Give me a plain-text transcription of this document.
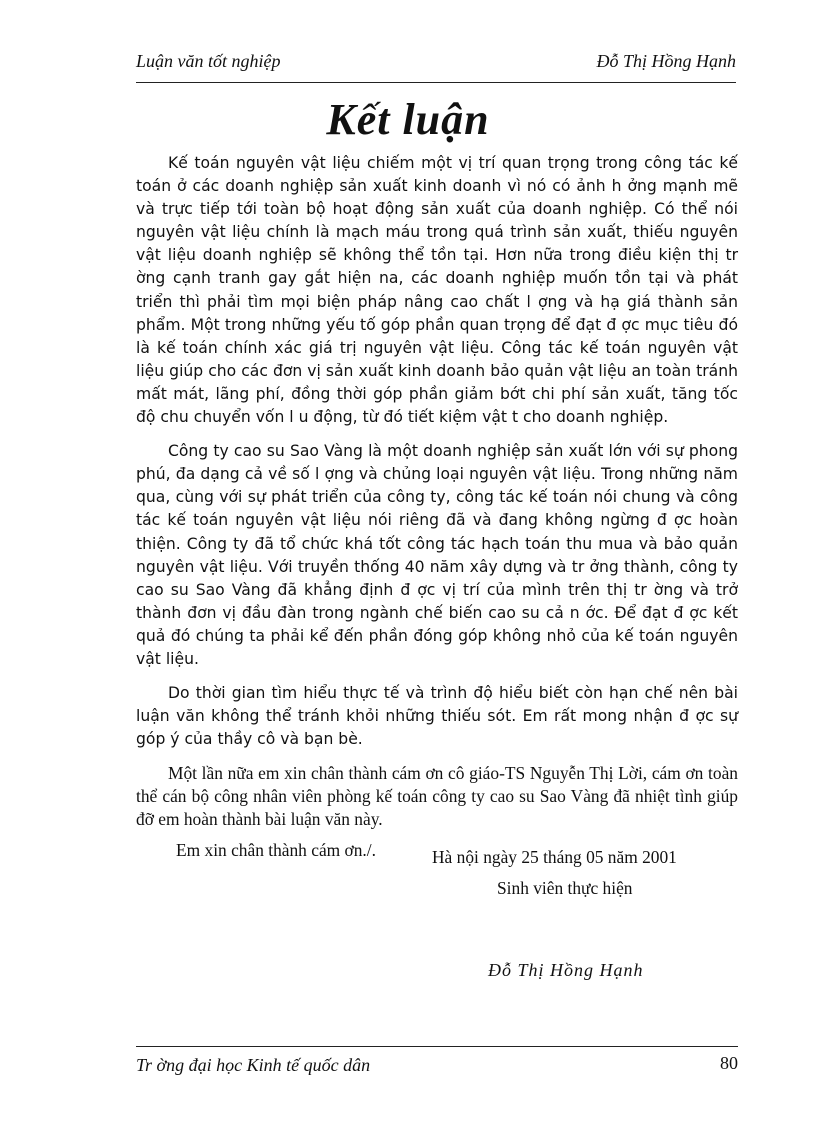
Luận văn tốt nghiệp	Đỗ Thị Hồng Hạnh
Kết luận

Kế toán nguyên vật liệu chiếm một vị trí quan trọng trong công tác kế toán ở các doanh nghiệp sản xuất kinh doanh vì nó có ảnh h ởng mạnh mẽ và trực tiếp tới toàn bộ hoạt động sản xuất của doanh nghiệp. Có thể nói nguyên vật liệu chính là mạch máu trong quá trình sản xuất, thiếu nguyên vật liệu doanh nghiệp sẽ không thể tồn tại. Hơn nữa trong điều kiện thị tr ờng cạnh tranh gay gắt hiện na, các doanh nghiệp muốn tồn tại và phát triển thì phải tìm mọi biện pháp nâng cao chất l ợng và hạ giá thành sản phẩm. Một trong những yếu tố góp phần quan trọng để đạt đ ợc mục tiêu đó là kế toán chính xác giá trị nguyên vật liệu. Công tác kế toán nguyên vật liệu giúp cho các đơn vị sản xuất kinh doanh bảo quản vật liệu an toàn tránh mất mát, lãng phí, đồng thời góp phần giảm bớt chi phí sản xuất, tăng tốc độ chu chuyển vốn l u động, từ đó tiết kiệm vật t cho doanh nghiệp.

Công ty cao su Sao Vàng là một doanh nghiệp sản xuất lớn với sự phong phú, đa dạng cả về số l ợng và chủng loại nguyên vật liệu. Trong những năm qua, cùng với sự phát triển của công ty, công tác kế toán nói chung và công tác kế toán nguyên vật liệu nói riêng đã và đang không ngừng đ ợc hoàn thiện. Công ty đã tổ chức khá tốt công tác hạch toán thu mua và bảo quản nguyên vật liệu. Với truyền thống 40 năm xây dựng và tr ởng thành, công ty cao su Sao Vàng đã khẳng định đ ợc vị trí của mình trên thị tr ờng và trở thành đơn vị đầu đàn trong ngành chế biến cao su cả n ớc. Để đạt đ ợc kết quả đó chúng ta phải kể đến phần đóng góp không nhỏ của kế toán nguyên vật liệu.

Do thời gian tìm hiểu thực tế và trình độ hiểu biết còn hạn chế nên bài luận văn không thể tránh khỏi những thiếu sót. Em rất mong nhận đ ợc sự góp ý của thầy cô và bạn bè.

Một lần nữa em xin chân thành cám ơn cô giáo-TS Nguyễn Thị Lời, cám ơn toàn thể cán bộ công nhân viên phòng kế toán công ty cao su Sao Vàng đã nhiệt tình giúp đỡ em hoàn thành bài luận văn này.

Em xin chân thành cám ơn./.	Hà nội ngày 25 tháng 05 năm 2001
Sinh viên thực hiện
Đỗ Thị Hồng Hạnh
Tr ờng đại học Kinh tế quốc dân	80
